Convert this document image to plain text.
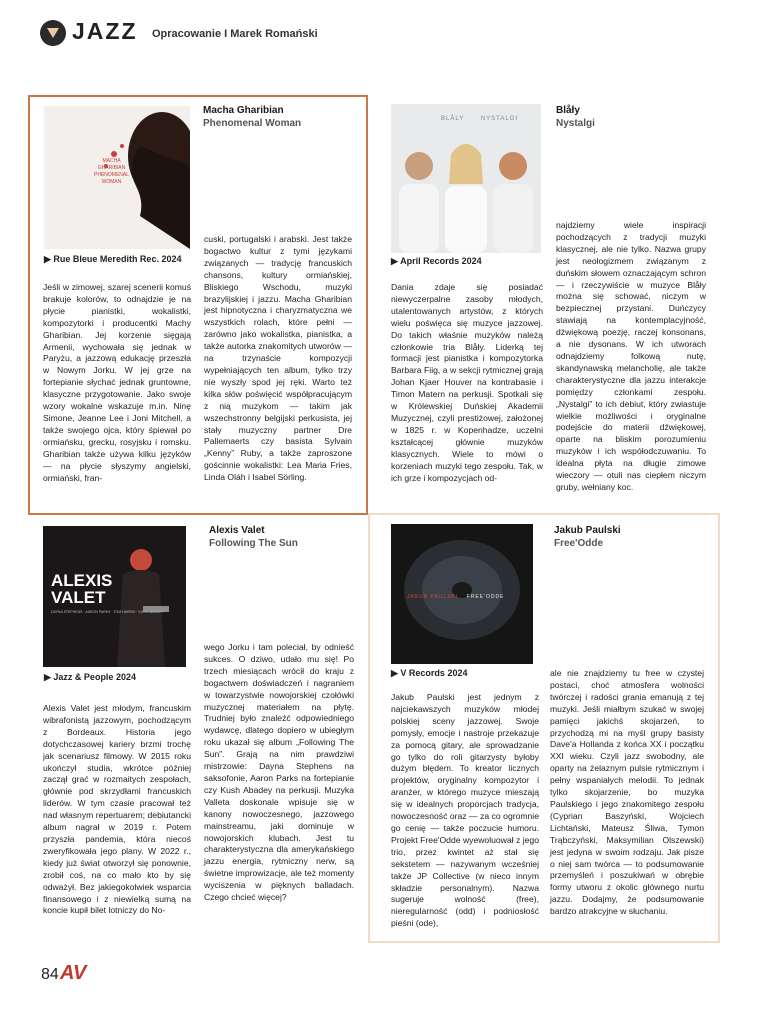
JAZZ Opracowanie I Marek Romański
MACHA
GHARIBIAN
PHENOMENAL
WOMAN
Macha Gharibian
Phenomenal Woman
▶ Rue Bleue Meredith Rec. 2024

Jeśli w zimowej, szarej scenerii komuś brakuje kolorów, to odnajdzie je na płycie pianistki, wokalistki, kompozytorki i producentki Machy Gharibian. Jej korzenie sięgają Armenii, wychowała się jednak w Paryżu, a jazzową edukację przeszła w Nowym Jorku. W jej grze na fortepianie słychać jednak gruntowne, klasyczne przygotowanie. Jako swoje wzory wokalne wskazuje m.in. Ninę Simone, Jeanne Lee i Joni Mitchell, a także swojego ojca, który śpiewał po ormiańsku, grecku, rosyjsku i romsku. Gharibian także używa kilku języków — na płycie słyszymy angielski, ormiański, fran-

cuski, portugalski i arabski. Jest także bogactwo kultur z tymi językami związanych — tradycję francuskich chansons, kultury ormiańskiej, Bliskiego Wschodu, muzyki brazylijskiej i jazzu. Macha Gharibian jest hipnotyczna i charyzmatyczna we wszystkich rolach, które pełni — zarówno jako wokalistka, pianistka, a także autorka znakomitych utworów — na trzynaście kompozycji wypełniających ten album, tylko trzy nie wyszły spod jej ręki. Warto też kilka słów poświęcić współpracującym z nią muzykom — takim jak wszechstronny belgijski perkusista, jej stały muzyczny partner Dre Pallemaerts czy basista Sylvain „Kenny” Ruby, a także zaproszone gościnnie wokalistki: Lea Maria Fries, Linda Oláh i Isabel Sörling.

BLÅLY	NYSTALGI
Blåły
Nystalgi
▶ April Records 2024

Dania zdaje się posiadać niewyczerpalne zasoby młodych, utalentowanych artystów, z których wielu poświęca się muzyce jazzowej. Do takich właśnie muzyków należą członkowie tria Blåły. Liderką tej formacji jest pianistka i kompozytorka Barbara Fiig, a w sekcji rytmicznej grają Johan Kjaer Houver na kontrabasie i Timon Matern na perkusji. Spotkali się w Królewskiej Duńskiej Akademii Muzycznej, czyli prestiżowej, założonej w 1825 r. w Kopenhadze, uczelni kształcącej głównie muzyków klasycznych. Wiele to mówi o korzeniach muzyki tego zespołu. Tak, w ich grze i kompozycjach od-

najdziemy wiele inspiracji pochodzących z tradycji muzyki klasycznej, ale nie tylko. Nazwa grupy jest neologizmem związanym z duńskim słowem oznaczającym schron — i rzeczywiście w muzyce Blåły można się schować, niczym w bezpiecznej przystani. Duńczycy stawiają na kontemplacyjność, dźwiękową poezję, raczej konsonans, a nie dysonans. W ich utworach odnajdziemy folkową nutę, skandynawską melancholię, ale także charakterystyczne dla jazzu interakcje pomiędzy członkami zespołu. „Nystalgi” to ich debiut, który zwiastuje wielkie możliwości i oryginalne podejście do materii dźwiękowej, oparte na bliskim porozumieniu muzyków i ich współodczuwaniu. To idealna płyta na długie zimowe wieczory — otuli nas ciepłem niczym gruby, wełniany koc.

ALEXIS
VALET
DAYNA STEPHENS · AARON PARKS · TOM HARRIS · KUSH ABADEY
Alexis Valet
Following The Sun
▶ Jazz & People 2024

Alexis Valet jest młodym, francuskim wibrafonistą jazzowym, pochodzącym z Bordeaux. Historia jego dotychczasowej kariery brzmi trochę jak scenariusz filmowy. W 2015 roku ukończył studia, wkrótce później zaczął grać w rozmaitych zespołach, głównie pod skrzydłami francuskich liderów. W tym czasie pracował też nad własnym repertuarem; debiutancki album nagrał w 2019 r. Potem przyszła pandemia, która niecoś zweryfikowała jego plany. W 2022 r., kiedy już świat otworzył się ponownie, zrobił coś, na co mało kto by się odważył. Bez jakiegokolwiek wsparcia finansowego i z niewielką sumą na koncie kupił bilet lotniczy do No-

wego Jorku i tam poleciał, by odnieść sukces. O dziwo, udało mu się! Po trzech miesiącach wrócił do kraju z bogactwem doświadczeń i nagraniem w towarzystwie nowojorskiej czołówki muzycznej materiałem na płytę. Trudniej było znaleźć odpowiedniego wydawcę, dlatego dopiero w ubiegłym roku ukazał się album „Following The Sun”. Grają na nim prawdziwi mistrzowie: Dayna Stephens na saksofonie, Aaron Parks na fortepianie czy Kush Abadey na perkusji. Muzyka Valleta doskonale wpisuje się w kanony nowoczesnego, jazzowego mainstreamu, jaki dominuje w nowojorskich klubach. Jest tu charakterystyczna dla amerykańskiego jazzu energia, rytmiczny nerw, są świetne improwizacje, ale też momenty wyciszenia w pięknych balladach. Czego chcieć więcej?

JAKUB PAULSKI FREE'ODDE
Jakub Paulski
Free'Odde
▶ V Records 2024

Jakub Paulski jest jednym z najciekawszych muzyków młodej polskiej sceny jazzowej. Swoje pomysły, emocje i nastroje przekazuje za pomocą gitary, ale sprowadzanie go tylko do roli gitarzysty byłoby dużym błędem. To kreator licznych projektów, oryginalny kompozytor i aranżer, w którego muzyce mieszają się w idealnych proporcjach tradycja, nowoczesność oraz — za co ogromnie go cenię — także poczucie humoru. Projekt Free'Odde wyewoluował z jego trio, przez kwintet aż stał się sekstetem — nazywanym wcześniej także JP Collective (w nieco innym składzie personalnym). Nazwa sugeruje wolność (free), nieregularność (odd) i podniosłość pieśni (ode),

ale nie znajdziemy tu free w czystej postaci, choć atmosfera wolności twórczej i radości grania emanują z tej muzyki. Jeśli miałbym szukać w swojej pamięci jakichś skojarzeń, to przychodzą mi na myśl grupy basisty Dave'a Hollanda z końca XX i początku XXI wieku. Czyli jazz swobodny, ale oparty na żelaznym pulsie rytmicznym i pełny wspaniałych melodii. To jednak tylko skojarzenie, bo muzyka Paulskiego i jego znakomitego zespołu (Cyprian Baszyński, Wojciech Lichtański, Mateusz Śliwa, Tymon Trąbczyński, Maksymilian Olszewski) jest jedyna w swoim rodzaju. Jak pisze o niej sam twórca — to podsumowanie przemyśleń i poszukiwań w obrębie formy utworu z okolic głównego nurtu jazzu. Dodajmy, że podsumowanie bardzo atrakcyjne w słuchaniu.

84 AV
